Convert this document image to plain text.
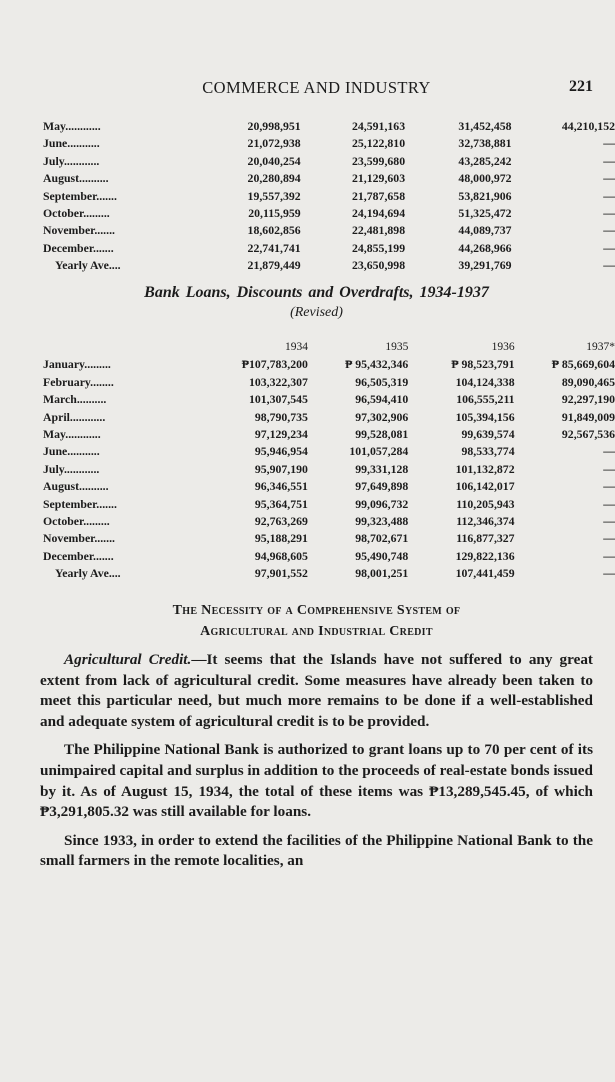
COMMERCE AND INDUSTRY	221
May............	20,998,951	24,591,163	31,452,458	44,210,152
June...........	21,072,938	25,122,810	32,738,881	—
July............	20,040,254	23,599,680	43,285,242	—
August..........	20,280,894	21,129,603	48,000,972	—
September.......	19,557,392	21,787,658	53,821,906	—
October.........	20,115,959	24,194,694	51,325,472	—
November.......	18,602,856	22,481,898	44,089,737	—
December.......	22,741,741	24,855,199	44,268,966	—
Yearly Ave....	21,879,449	23,650,998	39,291,769	—
Bank Loans, Discounts and Overdrafts, 1934-1937
(Revised)
	1934	1935	1936	1937*
January.........	₱107,783,200	₱ 95,432,346	₱ 98,523,791	₱ 85,669,604
February........	103,322,307	96,505,319	104,124,338	89,090,465
March..........	101,307,545	96,594,410	106,555,211	92,297,190
April............	98,790,735	97,302,906	105,394,156	91,849,009
May............	97,129,234	99,528,081	99,639,574	92,567,536
June...........	95,946,954	101,057,284	98,533,774	—
July............	95,907,190	99,331,128	101,132,872	—
August..........	96,346,551	97,649,898	106,142,017	—
September.......	95,364,751	99,096,732	110,205,943	—
October.........	92,763,269	99,323,488	112,346,374	—
November.......	95,188,291	98,702,671	116,877,327	—
December.......	94,968,605	95,490,748	129,822,136	—
Yearly Ave....	97,901,552	98,001,251	107,441,459	—
The Necessity of a Comprehensive System of
Agricultural and Industrial Credit

Agricultural Credit.—It seems that the Islands have not suffered to any great extent from lack of agricultural credit. Some measures have already been taken to meet this particular need, but much more remains to be done if a well-established and adequate system of agricultural credit is to be provided.

The Philippine National Bank is authorized to grant loans up to 70 per cent of its unimpaired capital and surplus in addition to the proceeds of real-estate bonds issued by it. As of August 15, 1934, the total of these items was ₱13,289,545.45, of which ₱3,291,805.32 was still available for loans.

Since 1933, in order to extend the facilities of the Philippine National Bank to the small farmers in the remote localities, an
